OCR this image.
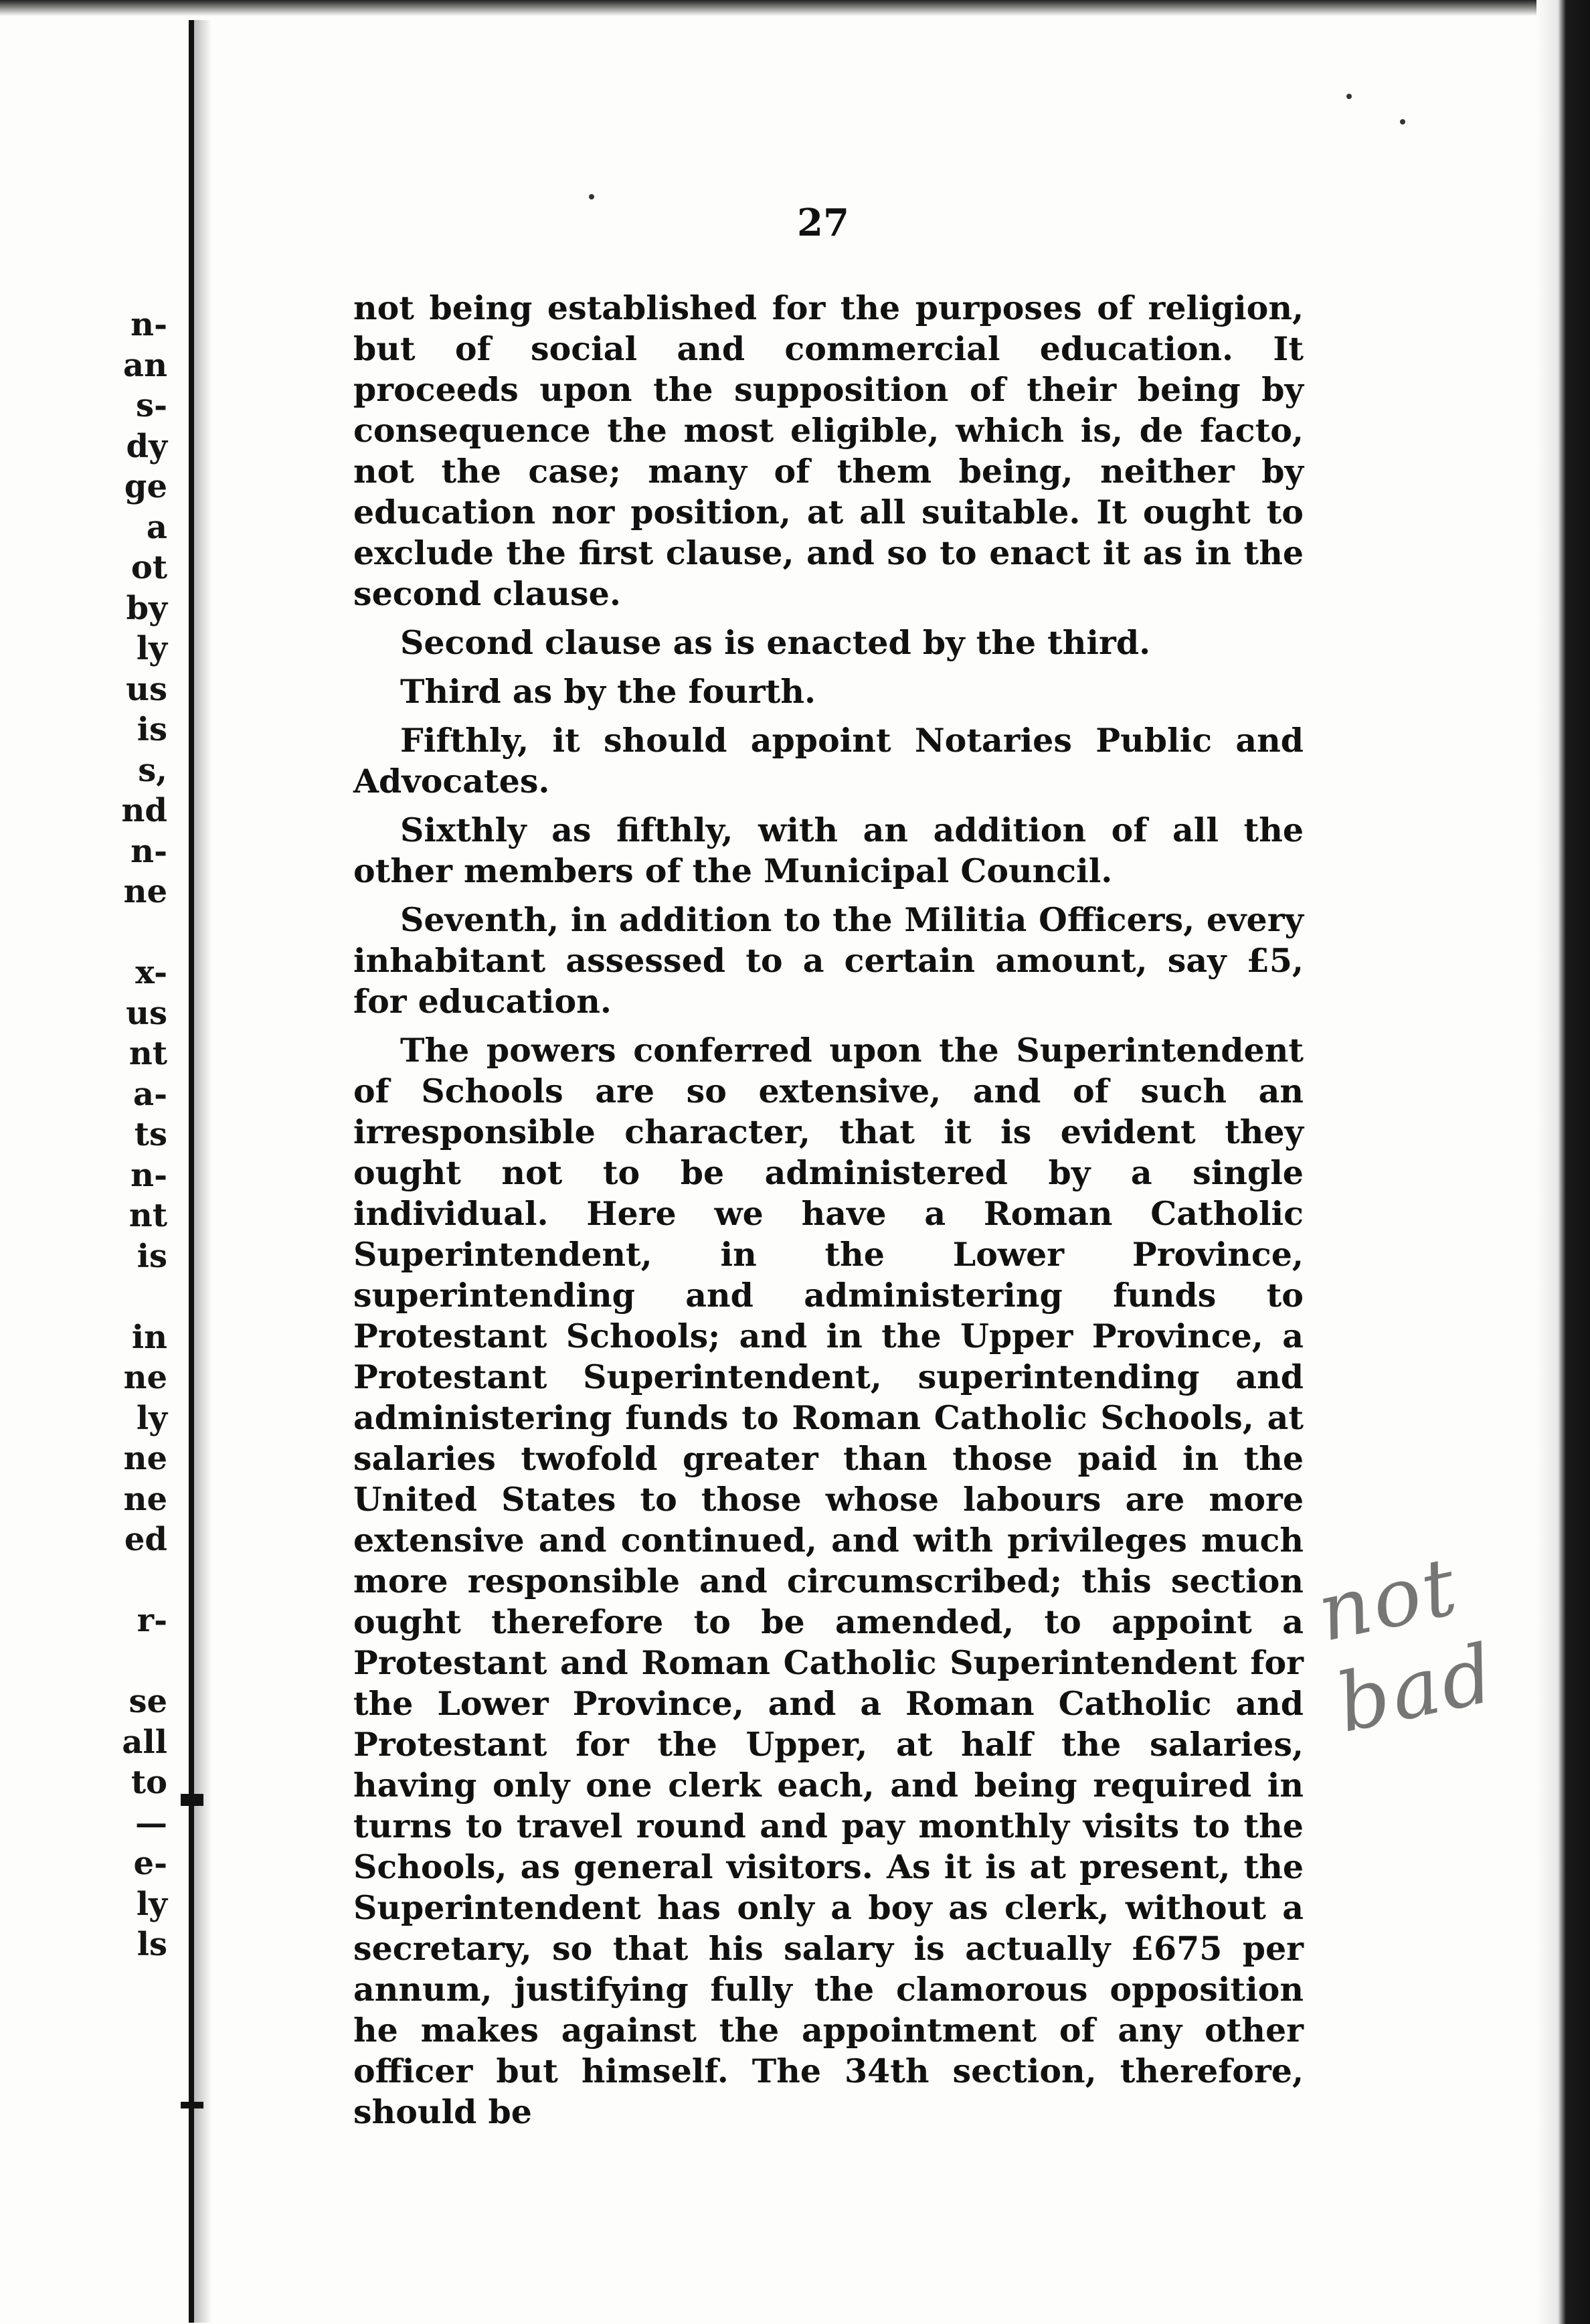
n-
an
s-
dy
ge
a
ot
by
ly
us
is
s,
nd
n-
ne
x-
us
nt
a-
ts
n-
nt
is
in
ne
ly
ne
ne
ed
r-
se
all
to
—
e-
ly
ls
27

not being established for the purposes of religion, but of social and commercial education. It proceeds upon the supposition of their being by consequence the most eligible, which is, de facto, not the case; many of them being, neither by education nor position, at all suitable. It ought to exclude the first clause, and so to enact it as in the second clause.

Second clause as is enacted by the third.

Third as by the fourth.

Fifthly, it should appoint Notaries Public and Advocates.

Sixthly as fifthly, with an addition of all the other members of the Municipal Council.

Seventh, in addition to the Militia Officers, every inhabitant assessed to a certain amount, say £5, for education.

The powers conferred upon the Superintendent of Schools are so extensive, and of such an irresponsible character, that it is evident they ought not to be administered by a single individual. Here we have a Roman Catholic Superintendent, in the Lower Province, superintending and administering funds to Protestant Schools; and in the Upper Province, a Protestant Superintendent, superintending and administering funds to Roman Catholic Schools, at salaries twofold greater than those paid in the United States to those whose labours are more extensive and continued, and with privileges much more responsible and circumscribed; this section ought therefore to be amended, to appoint a Protestant and Roman Catholic Superintendent for the Lower Province, and a Roman Catholic and Protestant for the Upper, at half the salaries, having only one clerk each, and being required in turns to travel round and pay monthly visits to the Schools, as general visitors. As it is at present, the Superintendent has only a boy as clerk, without a secretary, so that his salary is actually £675 per annum, justifying fully the clamorous opposition he makes against the appointment of any other officer but himself. The 34th section, therefore, should be

not bad
